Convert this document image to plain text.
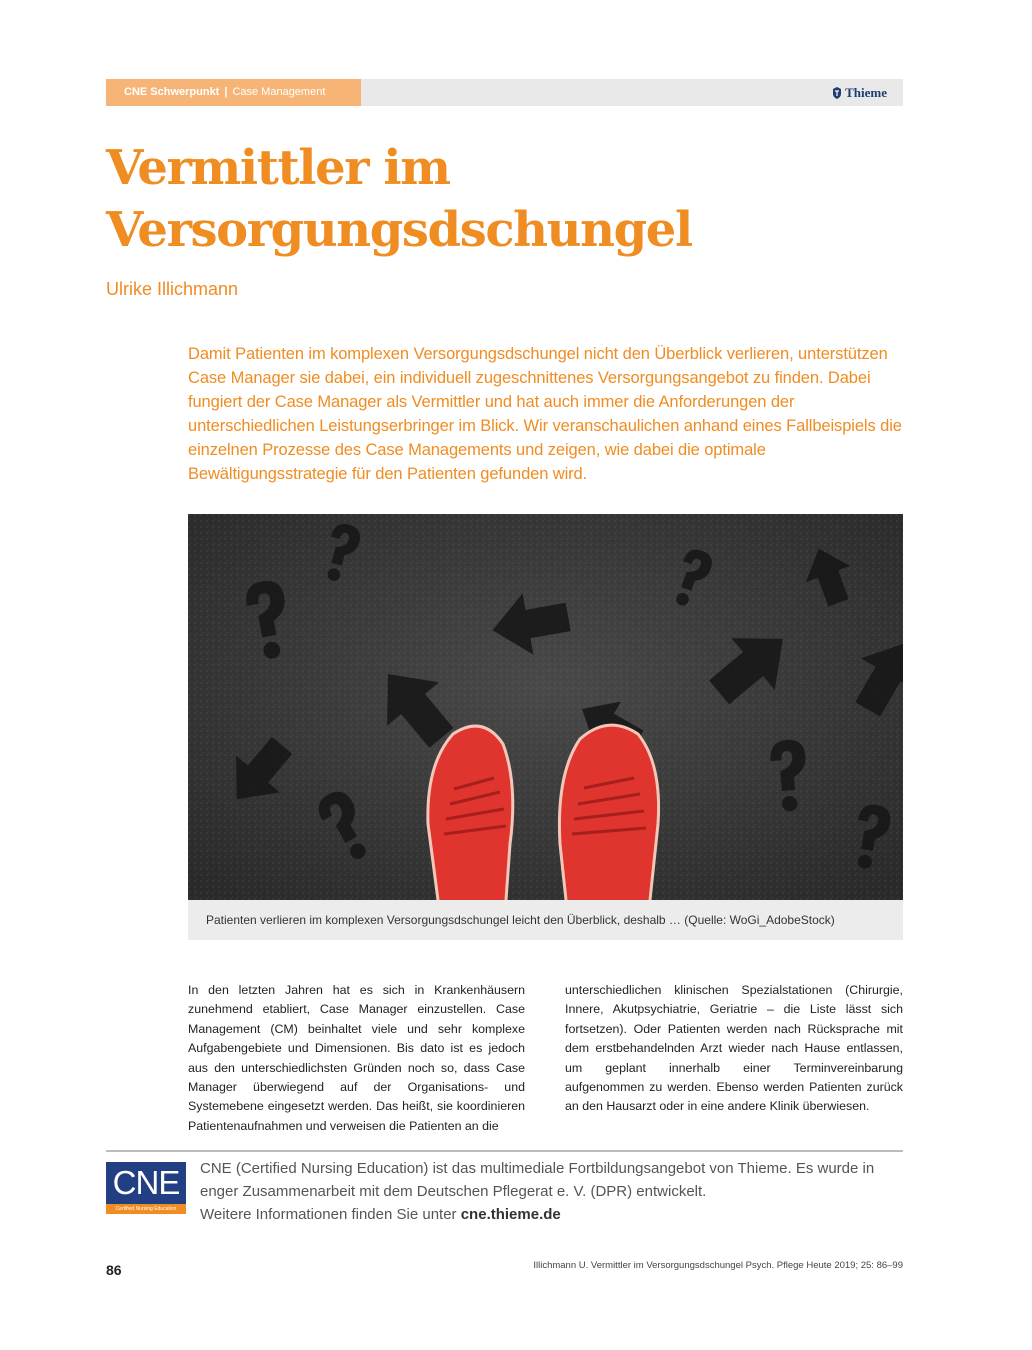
CNE Schwerpunkt | Case Management	Thieme
Vermittler im
Versorgungsdschungel
Ulrike Illichmann

Damit Patienten im komplexen Versorgungsdschungel nicht den Überblick verlieren, unterstützen Case Manager sie dabei, ein individuell zugeschnittenes Versorgungsangebot zu finden. Dabei fungiert der Case Manager als Vermittler und hat auch immer die Anforderungen der unterschiedlichen Leistungserbringer im Blick. Wir veranschaulichen anhand eines Fallbeispiels die einzelnen Prozesse des Case Managements und zeigen, wie dabei die optimale Bewältigungsstrategie für den Patienten gefunden wird.

Patienten verlieren im komplexen Versorgungsdschungel leicht den Überblick, deshalb … (Quelle: WoGi_AdobeStock)

In den letzten Jahren hat es sich in Krankenhäusern zunehmend etabliert, Case Manager einzustellen. Case Management (CM) beinhaltet viele und sehr komplexe Aufgabengebiete und Dimensionen. Bis dato ist es jedoch aus den unterschiedlichsten Gründen noch so, dass Case Manager überwiegend auf der Organisations- und Systemebene eingesetzt werden. Das heißt, sie koordinieren Patientenaufnahmen und verweisen die Patienten an die

unterschiedlichen klinischen Spezialstationen (Chirurgie, Innere, Akutpsychiatrie, Geriatrie – die Liste lässt sich fortsetzen). Oder Patienten werden nach Rücksprache mit dem erstbehandelnden Arzt wieder nach Hause entlassen, um geplant innerhalb einer Terminvereinbarung aufgenommen zu werden. Ebenso werden Patienten zurück an den Hausarzt oder in eine andere Klinik überwiesen.

CNE
Certified Nursing Education

CNE (Certified Nursing Education) ist das multimediale Fortbildungsangebot von Thieme. Es wurde in enger Zusammenarbeit mit dem Deutschen Pflegerat e. V. (DPR) entwickelt.
Weitere Informationen finden Sie unter cne.thieme.de

86	Illichmann U. Vermittler im Versorgungsdschungel Psych. Pflege Heute 2019; 25: 86–99
